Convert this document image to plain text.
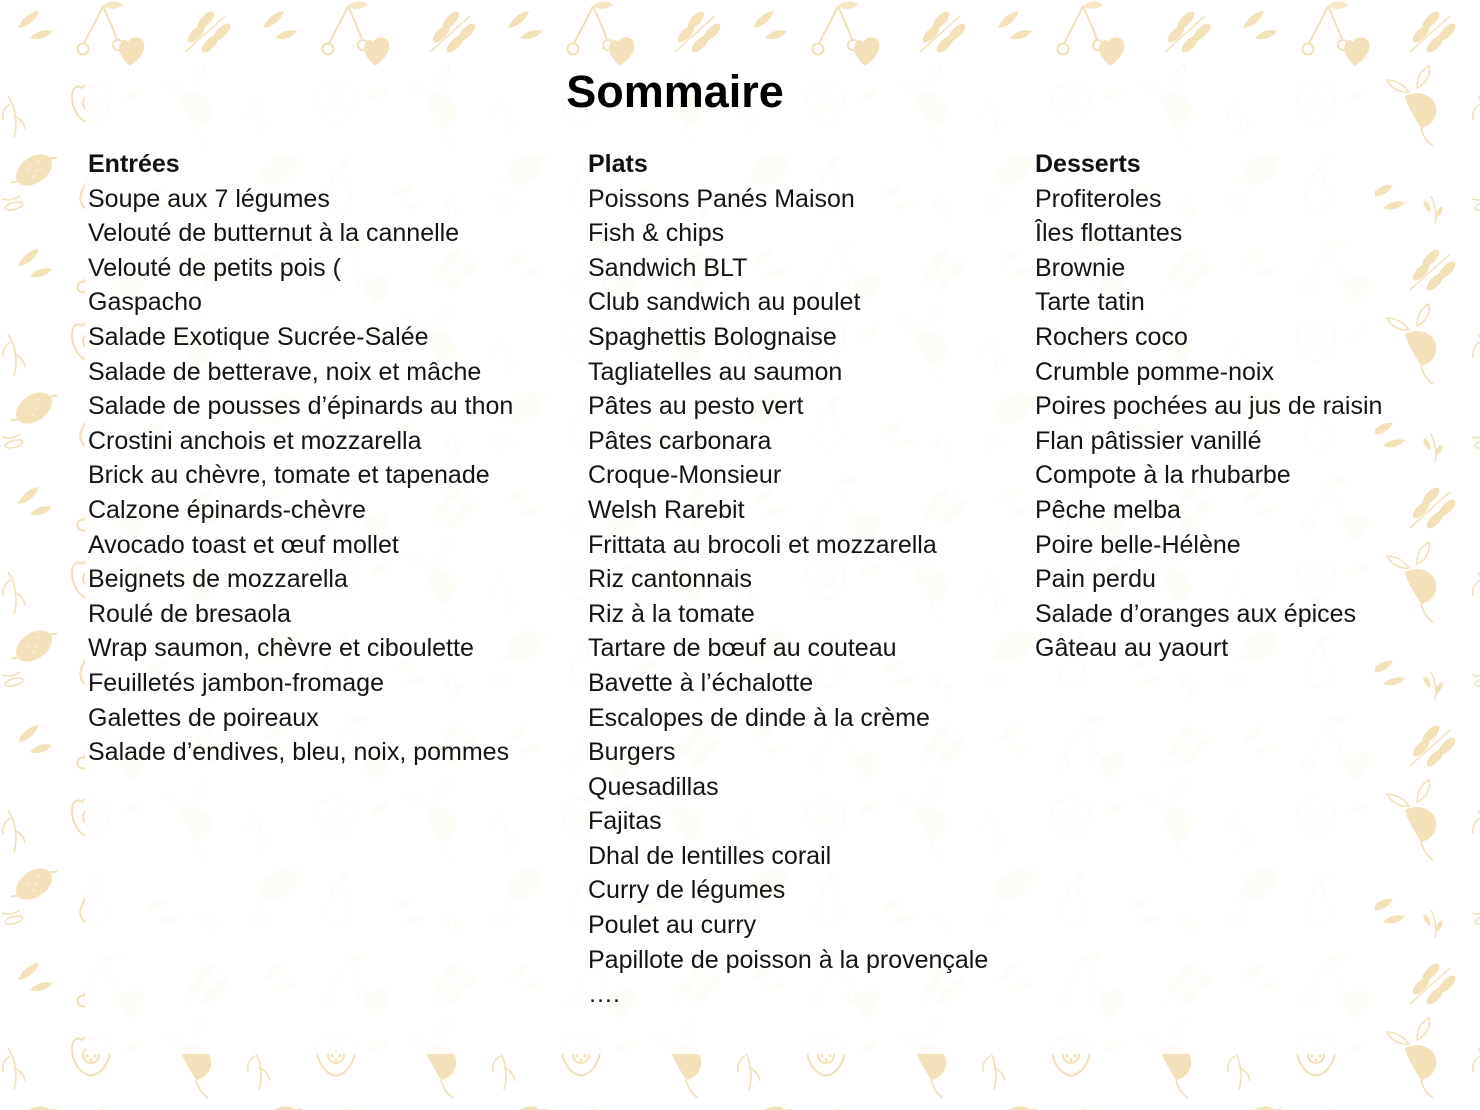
Sommaire
Entrées
Soupe aux 7 légumes
Velouté de butternut à la cannelle
Velouté de petits pois (
Gaspacho
Salade Exotique Sucrée-Salée
Salade de betterave, noix et mâche
Salade de pousses d’épinards au thon
Crostini anchois et mozzarella
Brick au chèvre, tomate et tapenade
Calzone épinards-chèvre
Avocado toast et œuf mollet
Beignets de mozzarella
Roulé de bresaola
Wrap saumon, chèvre et ciboulette
Feuilletés jambon-fromage
Galettes de poireaux
Salade d’endives, bleu, noix, pommes
Plats
Poissons Panés Maison
Fish & chips
Sandwich BLT
Club sandwich au poulet
Spaghettis Bolognaise
Tagliatelles au saumon
Pâtes au pesto vert
Pâtes carbonara
Croque-Monsieur
Welsh Rarebit
Frittata au brocoli et mozzarella
Riz cantonnais
Riz à la tomate
Tartare de bœuf au couteau
Bavette à l’échalotte
Escalopes de dinde à la crème
Burgers
Quesadillas
Fajitas
Dhal de lentilles corail
Curry de légumes
Poulet au curry
Papillote de poisson à la provençale
….
Desserts
Profiteroles
Îles flottantes
Brownie
Tarte tatin
Rochers coco
Crumble pomme-noix
Poires pochées au jus de raisin
Flan pâtissier vanillé
Compote à la rhubarbe
Pêche melba
Poire belle-Hélène
Pain perdu
Salade d’oranges aux épices
Gâteau au yaourt
